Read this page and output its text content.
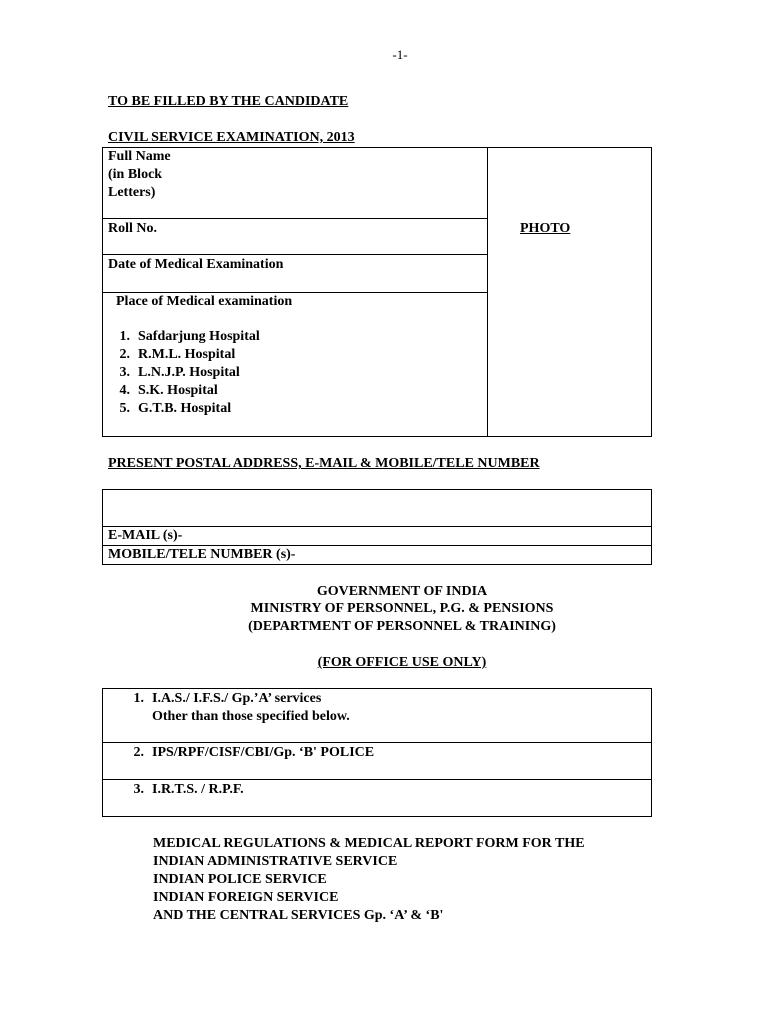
-1-
TO BE FILLED BY THE CANDIDATE
CIVIL SERVICE EXAMINATION, 2013
Full Name
(in Block
Letters)
Roll No.
Date of Medical Examination
Place of Medical examination
1. Safdarjung Hospital
2. R.M.L. Hospital
3. L.N.J.P. Hospital
4. S.K. Hospital
5. G.T.B. Hospital
PHOTO
PRESENT POSTAL ADDRESS, E-MAIL & MOBILE/TELE NUMBER
E-MAIL (s)-
MOBILE/TELE NUMBER (s)-
GOVERNMENT OF INDIA
MINISTRY OF PERSONNEL, P.G. & PENSIONS
(DEPARTMENT OF PERSONNEL & TRAINING)
(FOR OFFICE USE ONLY)
1. I.A.S./ I.F.S./ Gp.’A’ services
Other than those specified below.
2. IPS/RPF/CISF/CBI/Gp. ‘B' POLICE
3. I.R.T.S. / R.P.F.
MEDICAL REGULATIONS & MEDICAL REPORT FORM FOR THE
INDIAN ADMINISTRATIVE SERVICE
INDIAN POLICE SERVICE
INDIAN FOREIGN SERVICE
AND THE CENTRAL SERVICES Gp. ‘A’ & ‘B'
